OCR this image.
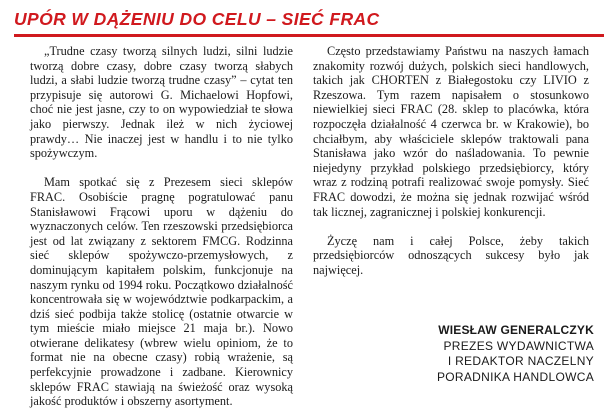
UPÓR W DĄŻENIU DO CELU – SIEĆ FRAC

„Trudne czasy tworzą silnych ludzi, silni ludzie tworzą dobre czasy, dobre czasy tworzą słabych ludzi, a słabi ludzie tworzą trudne czasy” – cytat ten przypisuje się autorowi G. Michaelowi Hopfowi, choć nie jest jasne, czy to on wypowiedział te słowa jako pierwszy. Jednak ileż w nich życiowej prawdy… Nie inaczej jest w handlu i to nie tylko spożywczym.

Mam spotkać się z Prezesem sieci sklepów FRAC. Osobiście pragnę pogratulować panu Stanisławowi Frącowi uporu w dążeniu do wyznaczonych celów. Ten rzeszowski przedsiębiorca jest od lat związany z sektorem FMCG. Rodzinna sieć sklepów spożywczo-przemysłowych, z dominującym kapitałem polskim, funkcjonuje na naszym rynku od 1994 roku. Początkowo działalność koncentrowała się w województwie podkarpackim, a dziś sieć podbija także stolicę (ostatnie otwarcie w tym mieście miało miejsce 21 maja br.). Nowo otwierane delikatesy (wbrew wielu opiniom, że to format nie na obecne czasy) robią wrażenie, są perfekcyjnie prowadzone i zadbane. Kierownicy sklepów FRAC stawiają na świeżość oraz wysoką jakość produktów i obszerny asortyment.

Często przedstawiamy Państwu na naszych łamach znakomity rozwój dużych, polskich sieci handlowych, takich jak CHORTEN z Białegostoku czy LIVIO z Rzeszowa. Tym razem napisałem o stosunkowo niewielkiej sieci FRAC (28. sklep to placówka, która rozpoczęła działalność 4 czerwca br. w Krakowie), bo chciałbym, aby właściciele sklepów traktowali pana Stanisława jako wzór do naśladowania. To pewnie niejedyny przykład polskiego przedsiębiorcy, który wraz z rodziną potrafi realizować swoje pomysły. Sieć FRAC dowodzi, że można się jednak rozwijać wśród tak licznej, zagranicznej i polskiej konkurencji.

Życzę nam i całej Polsce, żeby takich przedsiębiorców odnoszących sukcesy było jak najwięcej.

WIESŁAW GENERALCZYK
PREZES WYDAWNICTWA
I REDAKTOR NACZELNY
PORADNIKA HANDLOWCA
